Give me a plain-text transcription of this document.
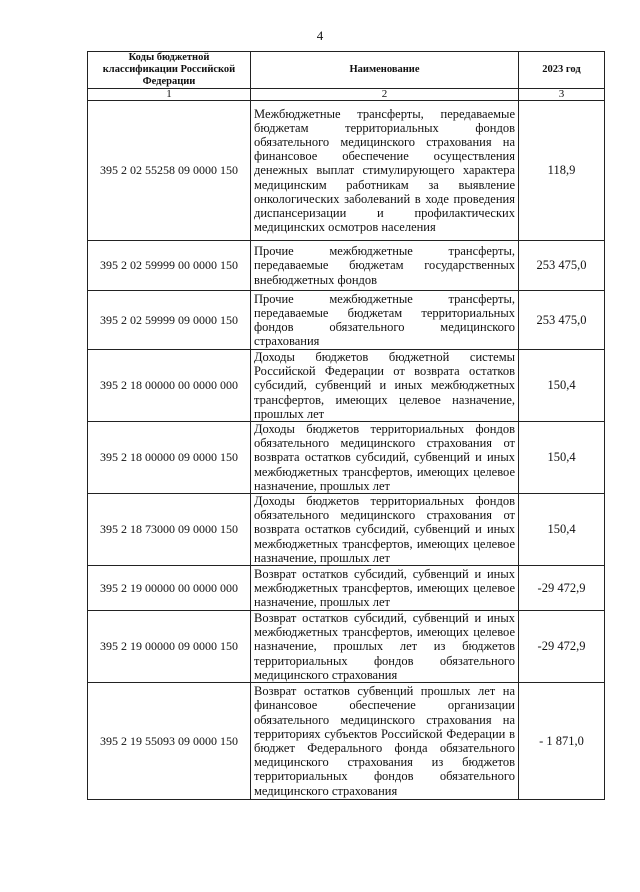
4
Коды бюджетной классификации Российской Федерации	Наименование	2023 год
1	2	3
395 2 02 55258 09 0000 150	Межбюджетные трансферты, передаваемые бюджетам территориальных фондов обязательного медицинского страхования на финансовое обеспечение осуществления денежных выплат стимулирующего характера медицинским работникам за выявление онкологических заболеваний в ходе проведения диспансеризации и профилактических медицинских осмотров населения	118,9
395 2 02 59999 00 0000 150	Прочие межбюджетные трансферты, передаваемые бюджетам государственных внебюджетных фондов	253 475,0
395 2 02 59999 09 0000 150	Прочие межбюджетные трансферты, передаваемые бюджетам территориальных фондов обязательного медицинского страхования	253 475,0
395 2 18 00000 00 0000 000	Доходы бюджетов бюджетной системы Российской Федерации от возврата остатков субсидий, субвенций и иных межбюджетных трансфертов, имеющих целевое назначение, прошлых лет	150,4
395 2 18 00000 09 0000 150	Доходы бюджетов территориальных фондов обязательного медицинского страхования от возврата остатков субсидий, субвенций и иных межбюджетных трансфертов, имеющих целевое назначение, прошлых лет	150,4
395 2 18 73000 09 0000 150	Доходы бюджетов территориальных фондов обязательного медицинского страхования от возврата остатков субсидий, субвенций и иных межбюджетных трансфертов, имеющих целевое назначение, прошлых лет	150,4
395 2 19 00000 00 0000 000	Возврат остатков субсидий, субвенций и иных межбюджетных трансфертов, имеющих целевое назначение, прошлых лет	-29 472,9
395 2 19 00000 09 0000 150	Возврат остатков субсидий, субвенций и иных межбюджетных трансфертов, имеющих целевое назначение, прошлых лет из бюджетов территориальных фондов обязательного медицинского страхования	-29 472,9
395 2 19 55093 09 0000 150	Возврат остатков субвенций прошлых лет на финансовое обеспечение организации обязательного медицинского страхования на территориях субъектов Российской Федерации в бюджет Федерального фонда обязательного медицинского страхования из бюджетов территориальных фондов обязательного медицинского страхования	- 1 871,0
